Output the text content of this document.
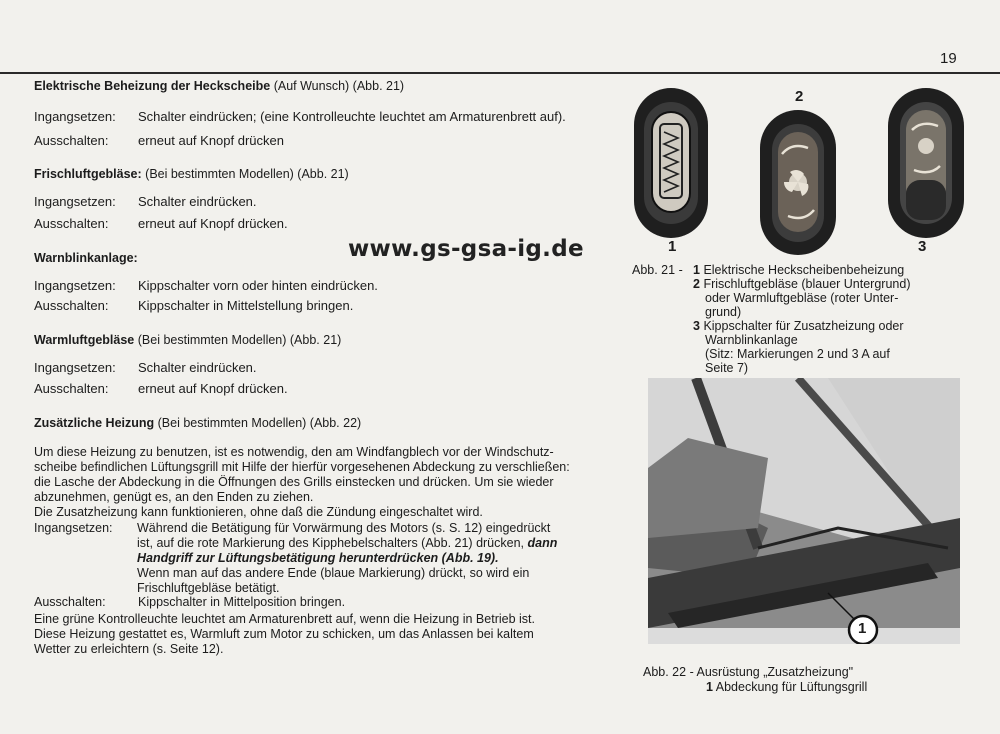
19
Elektrische Beheizung der Heckscheibe (Auf Wunsch) (Abb. 21)
Ingangsetzen: Schalter eindrücken; (eine Kontrolleuchte leuchtet am Armaturenbrett auf).
Ausschalten: erneut auf Knopf drücken
Frischluftgebläse: (Bei bestimmten Modellen) (Abb. 21)
Ingangsetzen: Schalter eindrücken.
Ausschalten: erneut auf Knopf drücken.
Warnblinkanlage:
Ingangsetzen: Kippschalter vorn oder hinten eindrücken.
Ausschalten: Kippschalter in Mittelstellung bringen.
Warmluftgebläse (Bei bestimmten Modellen) (Abb. 21)
Ingangsetzen: Schalter eindrücken.
Ausschalten: erneut auf Knopf drücken.
Zusätzliche Heizung (Bei bestimmten Modellen) (Abb. 22)
Um diese Heizung zu benutzen, ist es notwendig, den am Windfangblech vor der Windschutz-
scheibe befindlichen Lüftungsgrill mit Hilfe der hierfür vorgesehenen Abdeckung zu verschließen:
die Lasche der Abdeckung in die Öffnungen des Grills einstecken und drücken. Um sie wieder
abzunehmen, genügt es, an den Enden zu ziehen.
Die Zusatzheizung kann funktionieren, ohne daß die Zündung eingeschaltet wird.
Ingangsetzen: Während die Betätigung für Vorwärmung des Motors (s. S. 12) eingedrückt
ist, auf die rote Markierung des Kipphebelschalters (Abb. 21) drücken, dann
Handgriff zur Lüftungsbetätigung herunterdrücken (Abb. 19).
Wenn man auf das andere Ende (blaue Markierung) drückt, so wird ein
Frischluftgebläse betätigt.
Ausschalten:	Kippschalter in Mittelposition bringen.
Eine grüne Kontrolleuchte leuchtet am Armaturenbrett auf, wenn die Heizung in Betrieb ist.
Diese Heizung gestattet es, Warmluft zum Motor zu schicken, um das Anlassen bei kaltem
Wetter zu erleichtern (s. Seite 12).
www.gs-gsa-ig.de	1
2
3
Abb. 21 - 1 Elektrische Heckscheibenbeheizung
2 Frischluftgebläse (blauer Untergrund)
oder Warmluftgebläse (roter Unter-
grund)
3 Kippschalter für Zusatzheizung oder
Warnblinkanlage
(Sitz: Markierungen 2 und 3 A auf
Seite 7)
1
Abb. 22 - Ausrüstung „Zusatzheizung"
1 Abdeckung für Lüftungsgrill
